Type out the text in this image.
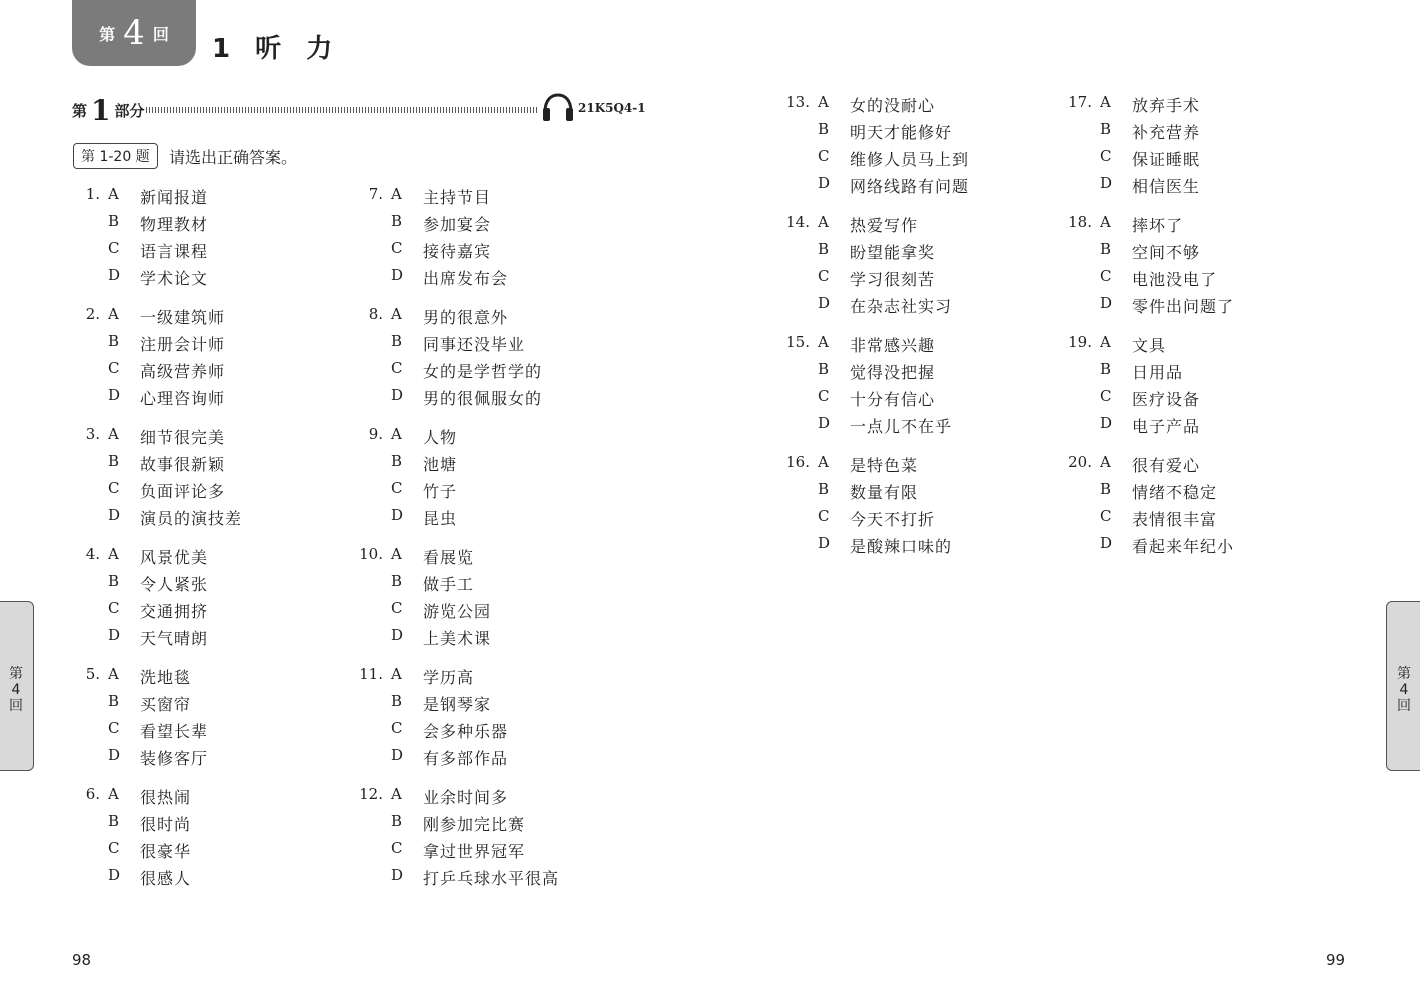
第 4 回 1 听 力
第 1 部分	21K5Q4-1
第 1-20 题	请选出正确答案。
1. A 新闻报道
B 物理教材
C 语言课程
D 学术论文
2. A 一级建筑师
B 注册会计师
C 高级营养师
D 心理咨询师
3. A 细节很完美
B 故事很新颖
C 负面评论多
D 演员的演技差
4. A 风景优美
B 令人紧张
C 交通拥挤
D 天气晴朗
5. A 洗地毯
B 买窗帘
C 看望长辈
D 装修客厅
6. A 很热闹
B 很时尚
C 很豪华
D 很感人
7. A 主持节目
B 参加宴会
C 接待嘉宾
D 出席发布会
8. A 男的很意外
B 同事还没毕业
C 女的是学哲学的
D 男的很佩服女的
9. A 人物
B 池塘
C 竹子
D 昆虫
10. A 看展览
B 做手工
C 游览公园
D 上美术课
11. A 学历高
B 是钢琴家
C 会多种乐器
D 有多部作品
12. A 业余时间多
B 刚参加完比赛
C 拿过世界冠军
D 打乒乓球水平很高
13. A 女的没耐心
B 明天才能修好
C 维修人员马上到
D 网络线路有问题
14. A 热爱写作
B 盼望能拿奖
C 学习很刻苦
D 在杂志社实习
15. A 非常感兴趣
B 觉得没把握
C 十分有信心
D 一点儿不在乎
16. A 是特色菜
B 数量有限
C 今天不打折
D 是酸辣口味的
17. A 放弃手术
B 补充营养
C 保证睡眠
D 相信医生
18. A 摔坏了
B 空间不够
C 电池没电了
D 零件出问题了
19. A 文具
B 日用品
C 医疗设备
D 电子产品
20. A 很有爱心
B 情绪不稳定
C 表情很丰富
D 看起来年纪小
第
4
回
第
4
回
98	99
